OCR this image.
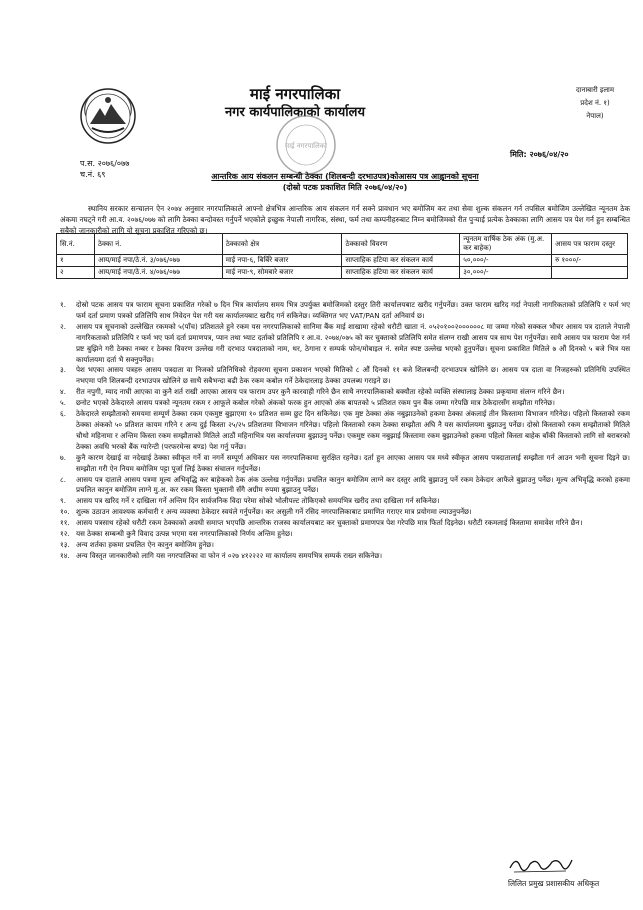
प.स. २०७६/०७७
च.नं. ६९
माई नगरपालिका
नगर कार्यपालिकाको कार्यालय
दानाबारी इलाम
प्रदेश नं. १)
नेपाल)
माई नगरपालिका
मिति: २०७६/०४/२०
आन्तरिक आय संकलन सम्बन्धी ठेक्का (शिलबन्दी दरभाउपत्र)कोआसय पत्र आह्वानको सूचना
(दोस्रो पटक प्रकाशित मिति २०७६/०४/२०)
स्थानिय सरकार सन्चालन ऐन २०७४ अनुसार नगरपालिकाले आफ्नो क्षेत्रभित्र आन्तरिक आय संकलन गर्न सक्ने प्रावधान भए बमोजिम कर तथा सेवा शुल्क संकलन गर्न तपसिल बमोजिम उल्लेखित न्यूनतम ठेक अंकमा नघट्ने गरी आ.व. २०७६/०७७ को लागि ठेक्का बन्दोवस्त गर्नुपर्ने भएकोले इच्छुक नेपाली नागरिक, संस्था, फर्म तथा कम्पनीहरुबाट निम्न बमोजिमको रीत पुऱ्याई प्रत्येक ठेक्काका लागि आसय पत्र पेश गर्न हुन सम्बन्धित सबैको जानकारीको लागि यो सूचना प्रकाशित गरिएको छ।
सि.नं.	ठेक्का नं.	ठेक्काको क्षेत्र	ठेक्काको विवरण	न्यूनतम वार्षिक ठेक अंक (मु.अ. कर बाहेक)	आसय पत्र फाराम दस्तुर
१	आय/माई नपा/ठे.नं. ३/०७६/०७७	माई नपा-६, बिर्बिरे बजार	साप्ताहिक हटिया कर संकलन कार्य	५०,०००/-	रु १०००/-
२	आय/माई नपा/ठे.नं. ४/०७६/०७७	माई नपा-९, सोमबारे बजार	साप्ताहिक हटिया कर संकलन कार्य	३०,०००/-	
१. दोस्रो पटक आसय पत्र फाराम सूचना प्रकाशित गरेको ७ दिन भित्र कार्यालय समय भित्र उपर्युक्त बमोजिमको दस्तुर तिरी कार्यालयबाट खरीद गर्नुपर्नेछ। उक्त फाराम खरिद गर्दा नेपाली नागरिकताको प्रतिलिपि र फर्म भए फर्म दर्ता प्रमाण पत्रको प्रतिलिपि साथ निवेदन पेश गरी यस कार्यालयबाट खरीद गर्न सकिनेछ। व्यक्तिगत भए VAT/PAN दर्ता अनिवार्य छ।
२. आसय पत्र सूचनाको उल्लेखित रकमको ५(पाँच) प्रतिशतले हुने रकम यस नगरपालिकाको सानिमा बैंक माई शाखामा रहेको धरौटी खाता नं. ०५२०१००२००००००८ मा जम्मा गरेको सक्कल भौचर आसय पत्र दाताले नेपाली नागरिकताको प्रतिलिपि र फर्म भए फर्म दर्ता प्रमाणपत्र, प्यान तथा भ्याट दर्ताको प्रतिलिपि र आ.व. २०७४/०७५ को कर चुक्ताको प्रतिलिपि समेत संलग्न राखी आसय पत्र साथ पेश गर्नुपर्नेछ। साथै आसय पत्र फाराम पेश गर्न प्रष्ट बुझिने गरी ठेक्का नम्बर र ठेक्का विवरण उल्लेख गरी दरभाउ पत्रदाताको नाम, थर, ठेगाना र सम्पर्क फोन/मोबाइल नं. समेत स्पष्ट उल्लेख भएको हुनुपर्नेछ। सूचना प्रकाशित मितिले ७ औं दिनको ५ बजे भित्र यस कार्यालयमा दर्ता भै सक्नुपर्नेछ।
३. पेश भएका आसय पत्रहरु आसय पत्रदाता वा निजको प्रतिनिधिको रोहवरमा सूचना प्रकाशन भएको मितिको ८ औं दिनको ११ बजे शिलबन्दी दरभाउपत्र खोलिने छ। आसय पत्र दाता वा निजहरुको प्रतिनिधि उपस्थित नभएमा पनि शिलबन्दी दरभाउपत्र खोलिने छ साथै सबैभन्दा बढी ठेक रकम कबोल गर्ने ठेकेदारलाइ ठेक्का उपलब्ध गराइने छ।
४. रीत नपुगी, म्याद नाघी आएका वा कुनै शर्त राखी आएका आसय पत्र फाराम उपर कुनै कारवाही गरिने छैन साथै नगरपालिकाको बक्यौता रहेको व्यक्ति संस्थालाइ ठेक्का प्रकृयामा संलग्न गरिने छैन।
५. छनोट भएको ठेकेदारले आसय पत्रको न्यूनतम रकम र आफूले कबोल गरेको अंकको फरक हुन आएको अंक बापतको ५ प्रतिशत रकम पुन बैंक जम्मा गरेपछि मात्र ठेकेदारसँग सम्झौता गरिनेछ।
६. ठेकेदारले सम्झौताको समयमा सम्पूर्ण ठेक्का रकम एकमुष्ट बुझाएमा १० प्रतिशत सम्म छुट दिन सकिनेछ। एक मुष्ट ठेक्का अंक नबुझाउनेको हकमा ठेक्का अंकलाई तीन किस्तामा विभाजन गरिनेछ। पहिलो किस्ताको रकम ठेक्का अंकको ५० प्रतिशत कायम गरिने र अन्य दुई किस्ता २५/२५ प्रतिशतमा विभाजन गरिनेछ। पहिलो किस्ताको रकम ठेक्का सम्झौता अघि नै यस कार्यालयमा बुझाउनु पर्नेछ। दोस्रो किस्ताको रकम सम्झौताको मितिले चौथो महिनामा र अन्तिम किस्ता रकम सम्झौताको मितिले आठौं महिनाभित्र यस कार्यालयमा बुझाउनु पर्नेछ। एकमुष्ट रकम नबुझाई किस्तामा रकम बुझाउनेको हकमा पहिलो किस्ता बाहेक बाँकी किस्ताको लागि सो बराबरको ठेक्का अवधि भरको बैंक ग्यारेन्टी (परफरमेन्स बण्ड) पेश गर्नु पर्नेछ।
७. कुनै कारण देखाई वा नदेखाई ठेक्का स्वीकृत गर्ने वा नगर्ने सम्पूर्ण अधिकार यस नगरपालिकामा सुरक्षित रहनेछ। दर्ता हुन आएका आसय पत्र मध्ये स्वीकृत आसय पत्रदातालाई सम्झौता गर्न आउन भनी सूचना दिइने छ। सम्झौता गरी ऐन नियम बमोजिम पट्टा पूर्जा लिई ठेक्का संचालन गर्नुपर्नेछ।
८. आसय पत्र दाताले आसय पत्रमा मूल्य अभिवृद्धि कर बाहेकको ठेक अंक उल्लेख गर्नुपर्नेछ। प्रचलित कानुन बमोजिम लाग्ने कर दस्तुर आदि बुझाउनु पर्ने रकम ठेकेदार आफैले बुझाउनु पर्नेछ। मूल्य अभिवृद्धि करको हकमा प्रचलित कानुन बमोजिम लाग्ने मु.अ. कर रकम किस्ता भुक्तानी सँगै अग्रीम रुपमा बुझाउनु पर्नेछ।
९. आसय पत्र खरिद गर्ने र दाखिला गर्ने अन्तिम दिन सार्वजनिक विदा परेमा सोको भोलीपल्ट तोकिएको समयभित्र खरीद तथा दाखिला गर्न सकिनेछ।
१०. शुल्क उठाउन आवश्यक कर्मचारी र अन्य व्यवस्था ठेकेदार स्वयंले गर्नुपर्नेछ। कर असुली गर्ने रसिद नगरपालिकाबाट प्रमाणित गराएर मात्र प्रयोगमा ल्याउनुपर्नेछ।
११. आसय पत्रसाथ रहेको धरौटी रकम ठेक्काको अवधी समाप्त भएपछि आन्तरिक राजस्व कार्यालयबाट कर चुक्ताको प्रमाणपत्र पेश गरेपछि मात्र फिर्ता दिइनेछ। धरौटी रकमलाई किस्तामा समावेश गरिने छैन।
१२. यस ठेक्का सम्बन्धी कुनै विवाद उत्पन्न भएमा यस नगरपालिकाको निर्णय अन्तिम हुनेछ।
१३. अन्य शर्तका हकमा प्रचलित ऐन कानुन बमोजिम हुनेछ।
१४. अन्य विस्तृत जानकारीको लागि यस नगरपालिका वा फोन नं ०२७ ४१२२२२ मा कार्यालय समयभित्र सम्पर्क राख्न सकिनेछ।
लिलित प्रमुख प्रशासकीय अधिकृत
